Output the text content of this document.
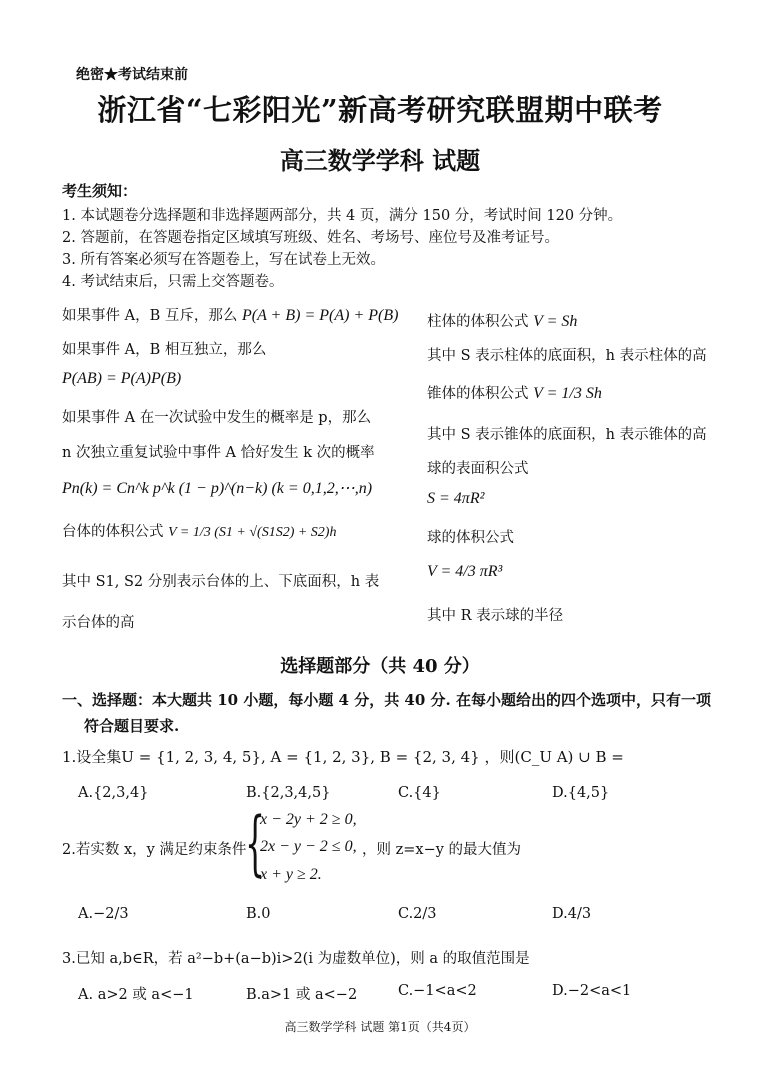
绝密★考试结束前
浙江省“七彩阳光”新高考研究联盟期中联考
高三数学学科 试题
考生须知：
1. 本试题卷分选择题和非选择题两部分，共 4 页，满分 150 分，考试时间 120 分钟。
2. 答题前，在答题卷指定区域填写班级、姓名、考场号、座位号及准考证号。
3. 所有答案必须写在答题卷上，写在试卷上无效。
4. 考试结束后，只需上交答题卷。
如果事件 A，B 互斥，那么 P(A + B) = P(A) + P(B)
如果事件 A，B 相互独立，那么
P(AB) = P(A)P(B)
如果事件 A 在一次试验中发生的概率是 p，那么
n 次独立重复试验中事件 A 恰好发生 k 次的概率
Pn(k) = Cn^k p^k (1 − p)^(n−k) (k = 0,1,2,⋯,n)
台体的体积公式 V = 1/3 (S1 + √(S1S2) + S2)h
其中 S1, S2 分别表示台体的上、下底面积，h 表
示台体的高
柱体的体积公式 V = Sh
其中 S 表示柱体的底面积，h 表示柱体的高
锥体的体积公式 V = 1/3 Sh
其中 S 表示锥体的底面积，h 表示锥体的高
球的表面积公式
S = 4πR²
球的体积公式
V = 4/3 πR³
其中 R 表示球的半径
选择题部分（共 40 分）
一、选择题：本大题共 10 小题，每小题 4 分，共 40 分. 在每小题给出的四个选项中，只有一项
符合题目要求.
1.设全集U = {1, 2, 3, 4, 5}, A = {1, 2, 3}, B = {2, 3, 4} ，则(C_U A) ∪ B =
A.{2,3,4}	B.{2,3,4,5}	C.{4}	D.{4,5}
2.若实数 x，y 满足约束条件
{
x − 2y + 2 ≥ 0,
2x − y − 2 ≤ 0,
x + y ≥ 2.
，则 z=x−y 的最大值为
A.−2/3	B.0	C.2/3	D.4/3
3.已知 a,b∈R，若 a²−b+(a−b)i>2(i 为虚数单位)，则 a 的取值范围是
A. a>2 或 a<−1	B.a>1 或 a<−2	C.−1<a<2	D.−2<a<1
高三数学学科 试题 第1页（共4页）
